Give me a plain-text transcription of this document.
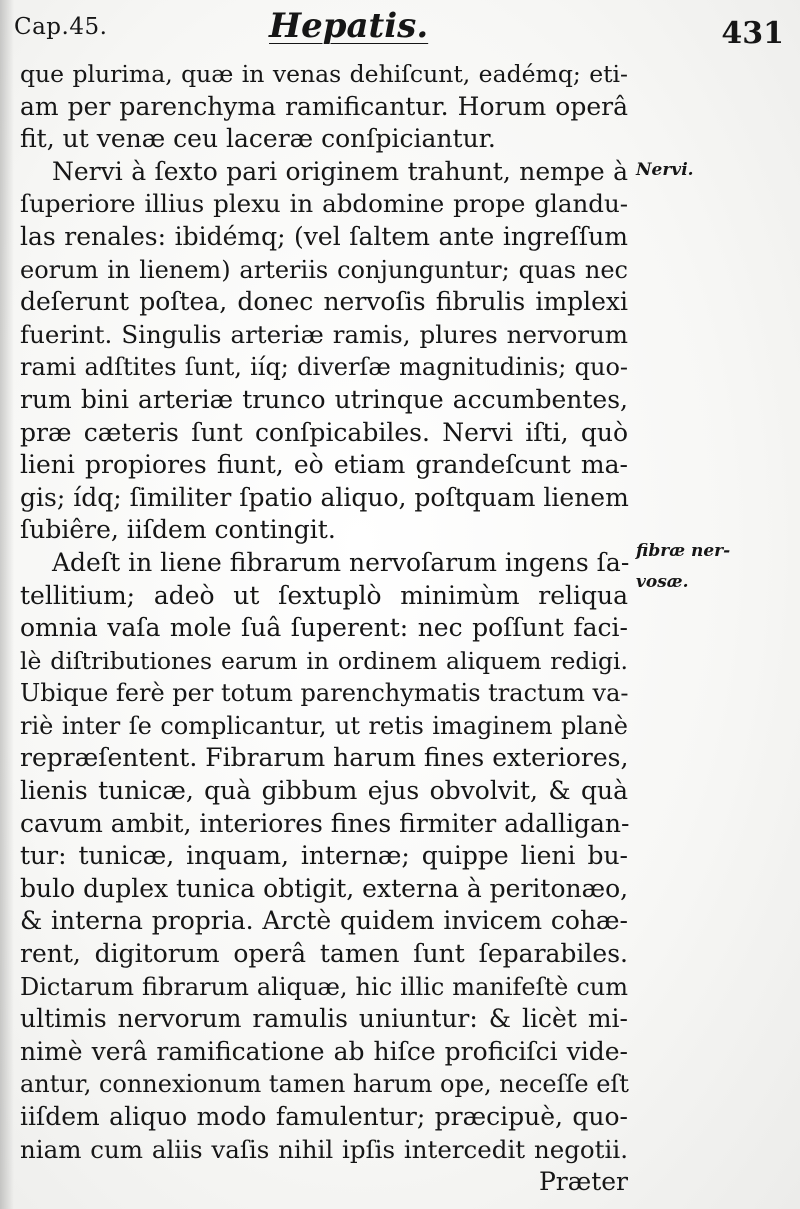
Cap.45.	Hepatis.	431
que plurima, quæ in venas dehiſcunt, eadémq; eti-
am per parenchyma ramificantur. Horum operâ
fit, ut venæ ceu laceræ conſpiciantur.
Nervi à ſexto pari originem trahunt, nempe à
ſuperiore illius plexu in abdomine prope glandu-
las renales: ibidémq; (vel ſaltem ante ingreſſum
eorum in lienem) arteriis conjunguntur; quas nec
deſerunt poſtea, donec nervoſis fibrulis implexi
fuerint. Singulis arteriæ ramis, plures nervorum
rami adſtites ſunt, iíq; diverſæ magnitudinis; quo-
rum bini arteriæ trunco utrinque accumbentes,
præ cæteris ſunt conſpicabiles. Nervi iſti, quò
lieni propiores fiunt, eò etiam grandeſcunt ma-
gis; ídq; ſimiliter ſpatio aliquo, poſtquam lienem
ſubiêre, iiſdem contingit.
Adeſt in liene fibrarum nervoſarum ingens ſa-
tellitium; adeò ut ſextuplò minimùm reliqua
omnia vaſa mole ſuâ ſuperent: nec poſſunt faci-
lè diſtributiones earum in ordinem aliquem redigi.
Ubique ferè per totum parenchymatis tractum va-
riè inter ſe complicantur, ut retis imaginem planè
repræſentent. Fibrarum harum fines exteriores,
lienis tunicæ, quà gibbum ejus obvolvit, & quà
cavum ambit, interiores fines firmiter adalligan-
tur: tunicæ, inquam, internæ; quippe lieni bu-
bulo duplex tunica obtigit, externa à peritonæo,
& interna propria. Arctè quidem invicem cohæ-
rent, digitorum operâ tamen ſunt ſeparabiles.
Dictarum fibrarum aliquæ, hic illic manifeſtè cum
ultimis nervorum ramulis uniuntur: & licèt mi-
nimè verâ ramificatione ab hiſce proficiſci vide-
antur, connexionum tamen harum ope, neceſſe eſt
iiſdem aliquo modo famulentur; præcipuè, quo-
niam cum aliis vaſis nihil ipſis intercedit negotii.
Præter
Nervi.
fibræ ner-
vosæ.
